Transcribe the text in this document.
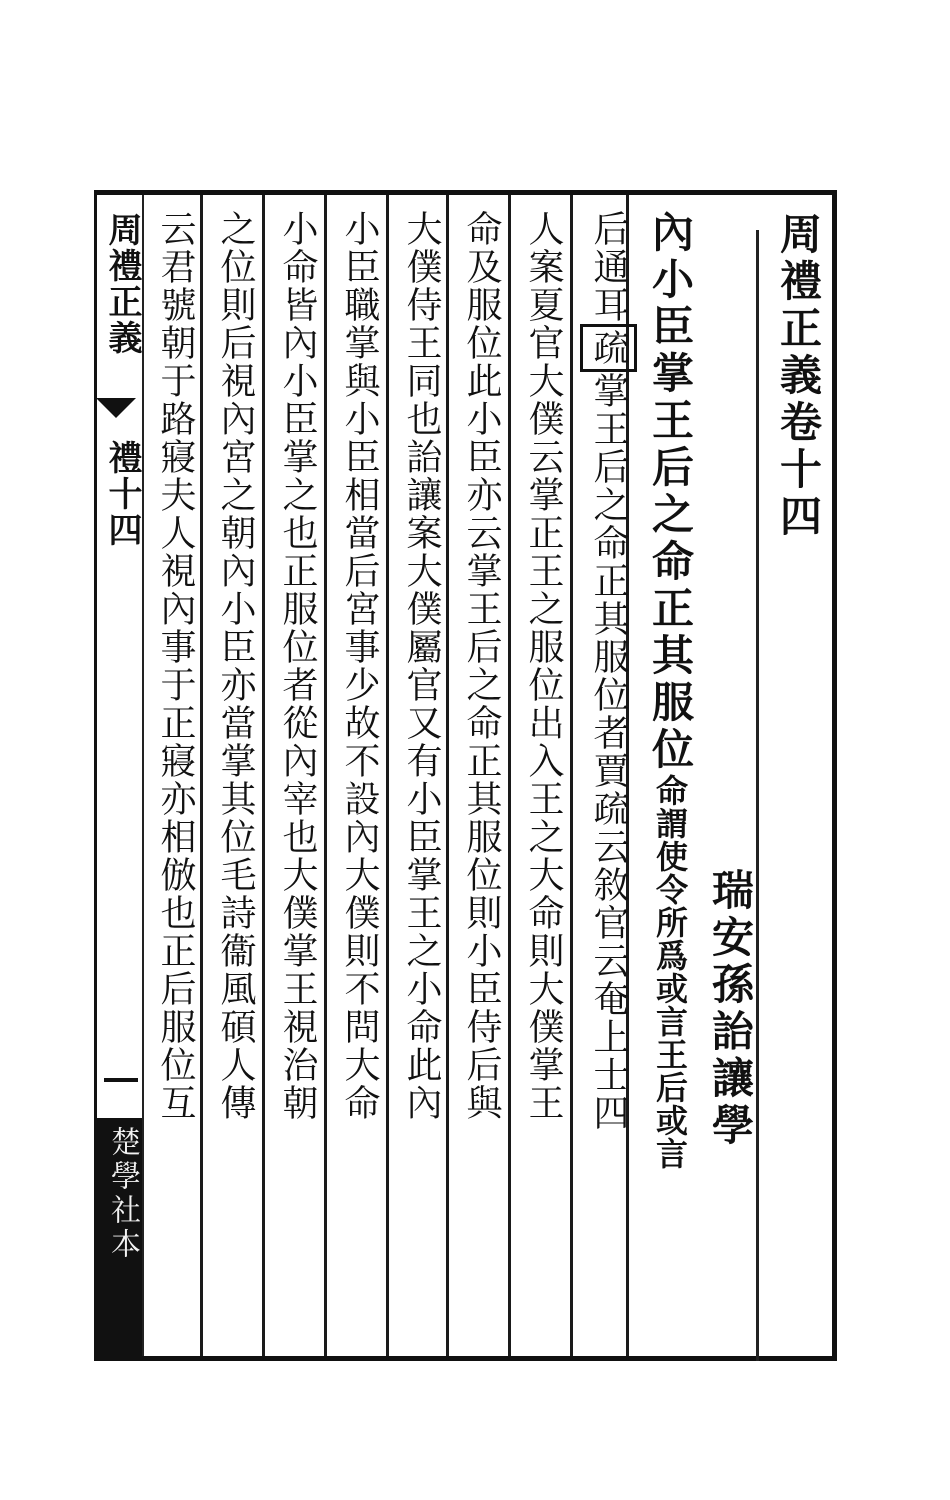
周禮正義卷十四
瑞安孫詒讓學
內小臣掌王后之命正其服位命謂使令所爲或言王后或言
后通耳疏掌王后之命正其服位者賈疏云敘官云奄上士四
人案夏官大僕云掌正王之服位出入王之大命則大僕掌王
命及服位此小臣亦云掌王后之命正其服位則小臣侍后與
大僕侍王同也詒讓案大僕屬官又有小臣掌王之小命此內
小臣職掌與小臣相當后宮事少故不設內大僕則不問大命
小命皆內小臣掌之也正服位者從內宰也大僕掌王視治朝
之位則后視內宮之朝內小臣亦當掌其位毛詩衞風碩人傳
云君號朝于路寢夫人視內事于正寢亦相倣也正后服位互
周禮正義
禮十四
楚學社本
